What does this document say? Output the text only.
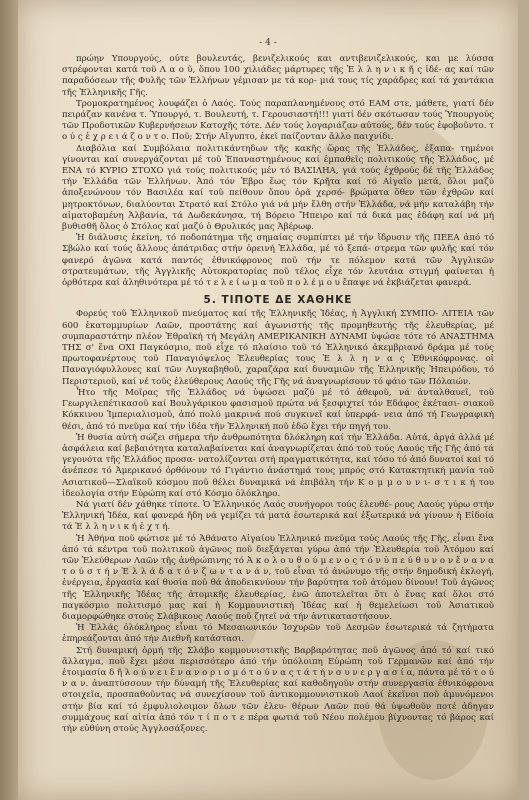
- 4 -

πρώην Υπουργούς, ούτε βουλευτάς, βενιζελικούς και αντιβενιζελικούς, και με λύσσα στρέφονται κατά τοῦ Λ α ο ῦ, ὅπου 100 χιλιάδες μάρτυρες τῆς Ἑ λ λ η ν ι κ ῆ ς ἰδέ- ας καί τῶν παραδόσεων τῆς Φυλῆς τῶν Ἑλλήνων γέμισαν με τά κορ- μιά τους τίς χαράδρες καί τά χαντάκια τῆς Ἑλληνικῆς Γῆς.

Τρομοκρατημένος λουφάζει ὁ Λαός. Τούς παραπλανημένους στό ΕΑΜ στε, μάθετε, γιατί δέν πειράζαν κανένα τ. Ὑπουργό, τ. Βουλευτή, τ. Γερουσιαστή!!! γιατί δέν σκότωσαν τούς Ὑπουργούς τῶν Προδοτικῶν Κυβερνήσεων Κατοχῆς τότε. Δέν τούς λογαριάζαν αὐτούς, δέν τούς ἐφοβοῦντο. τ ο ύ ς ἐ χ ρ ε ι ά ζ ο ν τ ο. Ποῦ; Στήν Αἴγυπτο, ἐκεῖ παίζονταν ἄλλο παιχνίδι.

Διαβόλια καί Συμβόλαια πολιτικάντηδων τῆς κακῆς ὥρας τῆς Ἑλλάδος, ἐξαπα- τημένοι γίνονται καί συνεργάζονται μέ τοῦ Ἐπαναστημένους καί ἐμπαθεῖς πολιτικούς τῆς Ἑλλάδος, μέ ΕΝΑ τό ΚΥΡΙΟ ΣΤΟΧΟ γιά τούς πολιτικούς μέν τό ΒΑΣΙΛΗΑ, γιά τούς ἐχθρούς δέ τῆς Ἑλλάδος τήν Ἑλλάδα τῶν Ἑλλήνων. Ἀπό τόν Ἐβρο ἕως τόν Κρῆτα καί τό Αἰγαῖο μετά, ὅλοι μαζύ ἀποξενώνουν τόν Βασιλέα καί τοῦ πείθουν ὅπου ὁρᾶ χερσό- βρώματα ὅθεν τῶν ἐχθρῶν καί μητροκτόνων, διαλύονται Στρατό καί Στόλο γιά νά μήν ἔλθη στήν Ἑλλάδα, νά μήν καταλάβη τήν αἰματοβαμένη Ἀλβανία, τά Δωδεκάνησα, τή Βόρειο Ἤπειρο καί τά δικά μας ἐδάφη καί νά μή βυθισθῆ ὅλος ὁ Στόλος καί μαζύ ὁ Θρυλικός μας Ἀβέρωφ.

Ἡ διάλυσις ἐκείνη, τό ποδοπάτημα τῆς σημαίας συμπίπτει μέ τήν ἵδρυσιν τῆς ΠΕΕΑ ἀπό τό Σβώλο καί τούς ἄλλους ἀπάτριδας στήν ὀρεινή Ἑλλάδα, μέ τό ξεπά- στρεμα τῶν φυλῆς καί τόν φανερό ἀγῶνα κατά παντός ἐθνικόφρονος ποῦ τήν τε πόλεμον κατά τῶν Ἀγγλικῶν στρατευμάτων, τῆς Ἀγγλικῆς Αὐτοκρατορίας ποῦ τέλος εἶχε τόν λευτάια στιγμή φαίνεται ἡ ὀρθότερα καί ἀληθινότερα μέ τό τ ε λ ε ί ω μ α τοῦ π ο λ έ μ ο υ ἔπαψε νά ἐκβιάζεται φανερά.

5. ΤΙΠΟΤΕ ΔΕ ΧΑΘΗΚΕ

Φορεύς τοῦ Ἑλληνικοῦ πνεύματος καί τῆς Ἑλληνικῆς Ἰδέας, ἡ Ἀγγλική ΣΥΜΠΟ- ΛΙΤΕΙΑ τῶν 600 ἑκατομμυρίων Λαῶν, προστάτης καί ἀγωνιστής τῆς προμηθευτής τῆς ἐλευθερίας, μέ συμπαραστάτην πλέον Ἐθραϊκή τή Μεγάλη ΑΜΕΡΙΚΑΝΙΚΗ ΔΥΝΑΜΙ ὑψώσε τότε τό ΑΝΑΣΤΗΜΑ ΤΗΣ σ' ἕνα ΟΧΙ Παγκόσμιο, ποῦ εἶχε τό πλαίσιο τοῦ τό Ἑλληνικό ἀκεμβριανό δράμα μέ τούς πρωτοφανέρτους τοῦ Παναγιόψελος Ἑλευθερίας τους Ἐ λ λ η ν α ς Ἐθνικόφρονας. οἱ Παναγιόφυλλονες καί τῶν Λυγκαβηθοῦ, χαραζάρα καί δυναμιῶν τῆς Ἑλληνικῆς Ἡπειρόδου, τό Περιστεριοῦ, καί νέ τοῦς ἐλεύθερους Λαούς τῆς Γῆς νά ἀναγνωρίσουν τό φάιο τῶν Πόλαιών.

Ἦτο τῆς Μοῖρας τῆς Ἑλλάδος νά ὑψώσει μαζύ μέ τό ἀθεφοῦ, νά ἀνταλθαυεῖ, τοῦ Γεωργιλεπέτικασοῦ καί Βουλγάρικου φασισμοῦ πρώτα νά ξεσφιχτεί τόν Εδάφος ἐκέτασι- σιακοῦ Κόκκινου Ἰμπεριαλισμοῦ, ἀπό πολύ μακρινά πού συγκινεῖ καί ὑπερφά- νεια ἀπό τή Γεωγραφική θέσι, ἀπό τό πνεῦμα καί τήν ἰδέα τῆν Ἑλληνική ποῦ ἐδῶ ἔχει τήν πηγή του.

Ἡ θυσία αὐτή σώζει σήμερα τήν ἀνθρωπότητα δλόκληρη καί τήν Ἑλλάδα. Αὐτά, ἀργά ἀλλά μέ ἀσφάλεια καί βεβαιότητα καταλαβαίνεται καί ἀναγνωρίζεται ἀπό τοῦ τούς Λαούς τῆς Γῆς ἀπό τά γεγονότα τῆς Ἑλλάδος προσα- νατολίζονται στή πραγματικότητα, καί τόσο τό ἀπό δυνατοί καί τό ἀνέπεσε τό Ἀμερικανό ὀρθόνουν τό Γιγάντιο ἀνάστημά τους μπρός στό Κατακτητική μανία τοῦ Ασιατικοῦ—Σλαϊκοῦ κόσμου ποῦ θέλει δυναμικά νά ἐπιβάλη τήν Κ ο μ μ ο υ ν ι- σ τ ι κ ή του ἰδεολογία στήν Εὐρώπη καί στό Κόσμο ὁλόκληρο.

Νά γιατί δέν χάθηκε τίποτε. Ὁ Ἑλληνικός Λαός συνήγοροι τούς ἐλευθέ- ρους Λαούς γύρω στήν Ἑλληνική Ἰδέα, καί φανερά ἤδη νά γεμίζει τά ματά ἐσωτερικά καί ἐξωτερικά νά γίνουν ἡ Εἰδοία τά Ἐ λ λ η ν ι κ ή ἐ χ τ ή.

Ἡ Ἀθήνα ποῦ φώτισε μέ τό Ἀθάνατο Αἰγαίου Ἑλληνικό πνεῦμα τούς Λαούς τῆς Γῆς, εἶναι ἔνα ἀπό τά κέντρα τοῦ πολιτικοῦ ἀγῶνος ποῦ διεξάγεται γύρω ἀπό τήν Ἐλευθερία τοῦ Ἀτόμου καί τῶν Ἐλεύθερων Λαῶν τῆς ἀνθρώπινης τό Ἀ κ ο λ ο υ θ ο ύ μ ε ν ο ς τ ό ν ὑ π ε ύ θ υ ν ο ν ἔ ν α ν α τ ο ύ σ τ ή ν Ἐ λ λ ά δ α τ ό ν ζ ω ν τ α ν ά ν, τοῦ εἶναι τό ἀνώνυμο τῆς στήν δημοδική ἐκλογή, ἐνέργεια, ἐργασία καί θυσία ποῦ θά ἀποδεικνύουν τήν βαρύτητα τοῦ ἀτόμου δίνουν! Τοῦ ἀγῶνος τῆς Ἑλληνικῆς Ἰδέας τῆς ἀτομικῆς ἐλευθερίας, ἐνῶ ἀποτελεῖται ὅτι ὁ ἕνας καί ὅλοι στό παγκόσμιο πολιτισμό μας καί ἡ Κομμουνιστική Ἰδέας καί ἡ θεμελείωσι τοῦ Ἀσιατικοῦ διαμορφώθηκε στούς Σλάβικους Λαούς ποῦ ζητεῖ νά τήν ἀντικαταστήσουν.

Ἡ Ἑλλάς ὁλόκληρος εἶναι τό Μεσαιωνικόν Ἰσχυρῶν τοῦ Δεσμῶν ἐσωτερικά τά ζητήματα ἐπηρεάζονται ἀπό τήν Διεθνῆ κατάστασι.

Στή δυναμική ὁρμή τῆς Σλάβο κομμουνιστικῆς Βαρβαρότητας ποῦ ἀγῶνος ἀπό τό καί τικό ἄλλαγμα, ποῦ ἔχει μέσα περισσότερο ἀπό τήν ὑπόλοιπη Εὐρώπη τοῦ Γερμανῶν καί ἀπό τήν ἐτοιμασία δ ῆ λ ο ύ ν ε ι ἔ ν α ν ο ρ ι σ μ ό τ ο ύ ν α ς τ ά τ ή ν σ υ ν ε ρ γ α σ ί α, πάντα μέ τό τ ο ύ ν α ν. ἀναπτύσσουν τήν δύναμή τῆς Ἐλευθερίας καί καθοδηγοῦν στήν συνεργασία ἐθνικόφρονα στοιχεῖα, προσπαθοῦντας νά συνεχίσουν τοῦ ἀντικομμουνιστικοῦ Λαοί ἐκεῖνοι ποῦ ἀμυνόμενοι στήν βία καί τό ἐμφυλιολοιμον ὅλων τῶν ἐλευ- θέρων Λαῶν πού θά ὑψωθοῦν ποτέ ἀδηγαν συμμάχους καί αἰτία ἀπό τόν τ ί π ο τ ε πέρα φωτιά τοῦ Νέου πολέμου βίχνοντας τό βάρος καί τήν εὐθύνη στούς Ἀγγλοσάξονες.
